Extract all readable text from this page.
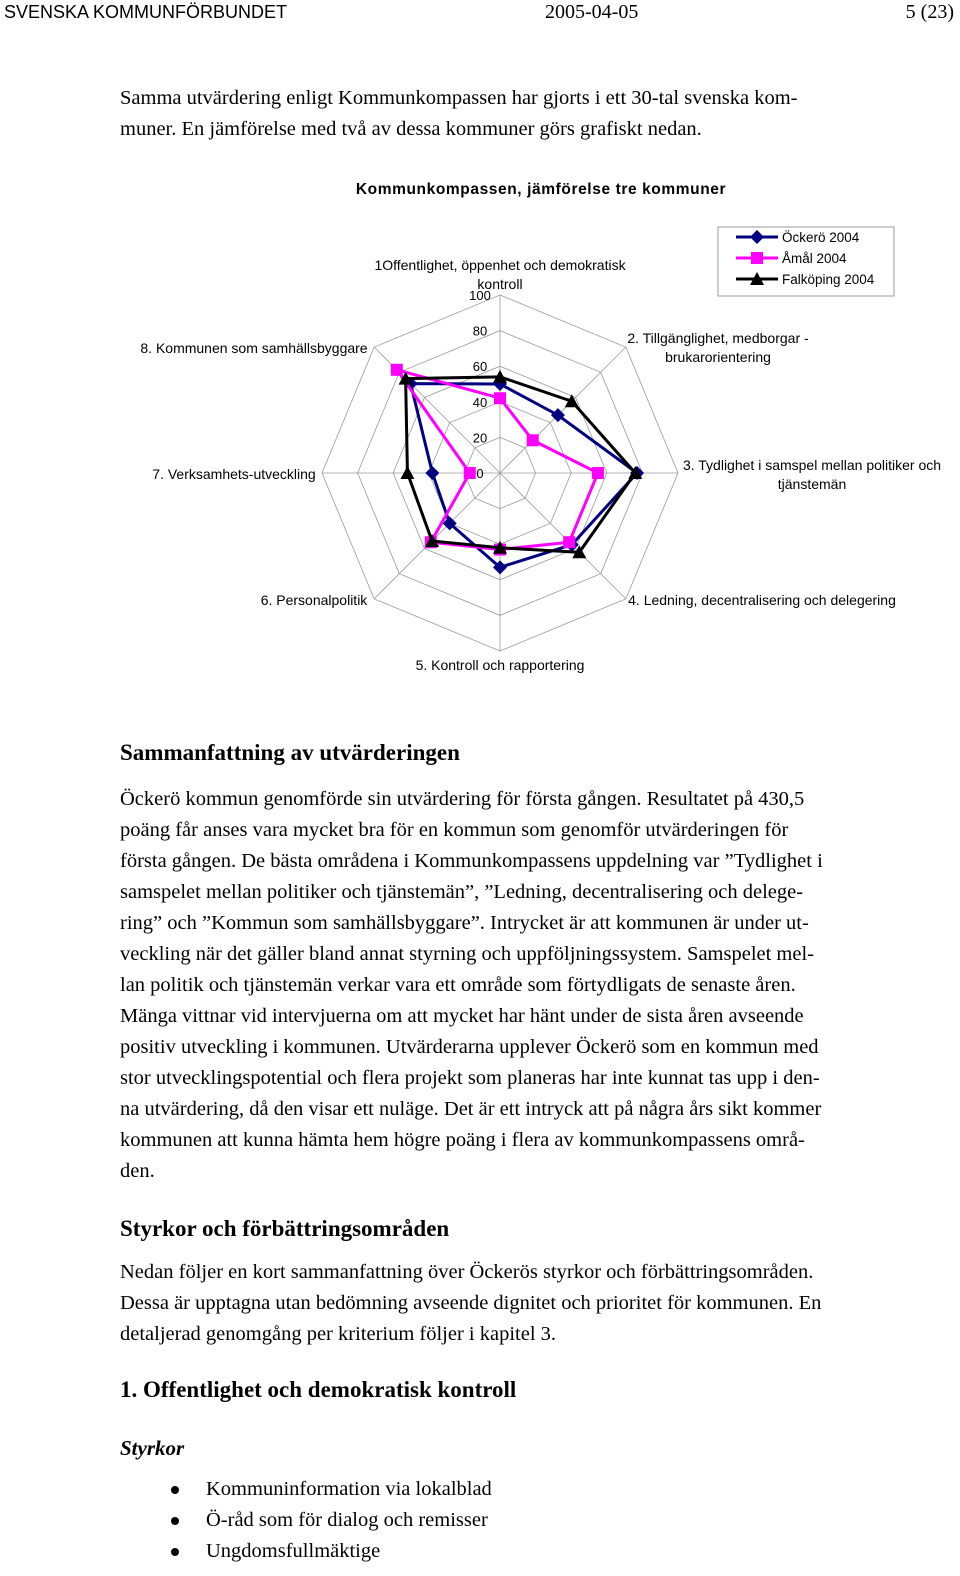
SVENSKA KOMMUNFÖRBUNDET	2005-04-05	5 (23)

Samma utvärdering enligt Kommunkompassen har gjorts i ett 30-tal svenska kom-
muner. En jämförelse med två av dessa kommuner görs grafiskt nedan.

Kommunkompassen, jämförelse tre kommuner
0
20
40
60
80
100
1Offentlighet, öppenhet och demokratisk kontroll
2. Tillgänglighet, medborgar -brukarorientering
3. Tydlighet i samspel mellan politiker och tjänstemän
4. Ledning, decentralisering och delegering
5. Kontroll och rapportering
6. Personalpolitik
7. Verksamhets-utveckling
8. Kommunen som samhällsbyggare
Öckerö 2004
Åmål 2004
Falköping 2004
Sammanfattning av utvärderingen

Öckerö kommun genomförde sin utvärdering för första gången. Resultatet på 430,5
poäng får anses vara mycket bra för en kommun som genomför utvärderingen för
första gången. De bästa områdena i Kommunkompassens uppdelning var ”Tydlighet i
samspelet mellan politiker och tjänstemän”, ”Ledning, decentralisering och delege-
ring” och ”Kommun som samhällsbyggare”. Intrycket är att kommunen är under ut-
veckling när det gäller bland annat styrning och uppföljningssystem. Samspelet mel-
lan politik och tjänstemän verkar vara ett område som förtydligats de senaste åren.
Mänga vittnar vid intervjuerna om att mycket har hänt under de sista åren avseende
positiv utveckling i kommunen. Utvärderarna upplever Öckerö som en kommun med
stor utvecklingspotential och flera projekt som planeras har inte kunnat tas upp i den-
na utvärdering, då den visar ett nuläge. Det är ett intryck att på några års sikt kommer
kommunen att kunna hämta hem högre poäng i flera av kommunkompassens områ-
den.

Styrkor och förbättringsområden

Nedan följer en kort sammanfattning över Öckerös styrkor och förbättringsområden.
Dessa är upptagna utan bedömning avseende dignitet och prioritet för kommunen. En
detaljerad genomgång per kriterium följer i kapitel 3.

1. Offentlighet och demokratisk kontroll
Styrkor
Kommuninformation via lokalblad
Ö-råd som för dialog och remisser
Ungdomsfullmäktige
